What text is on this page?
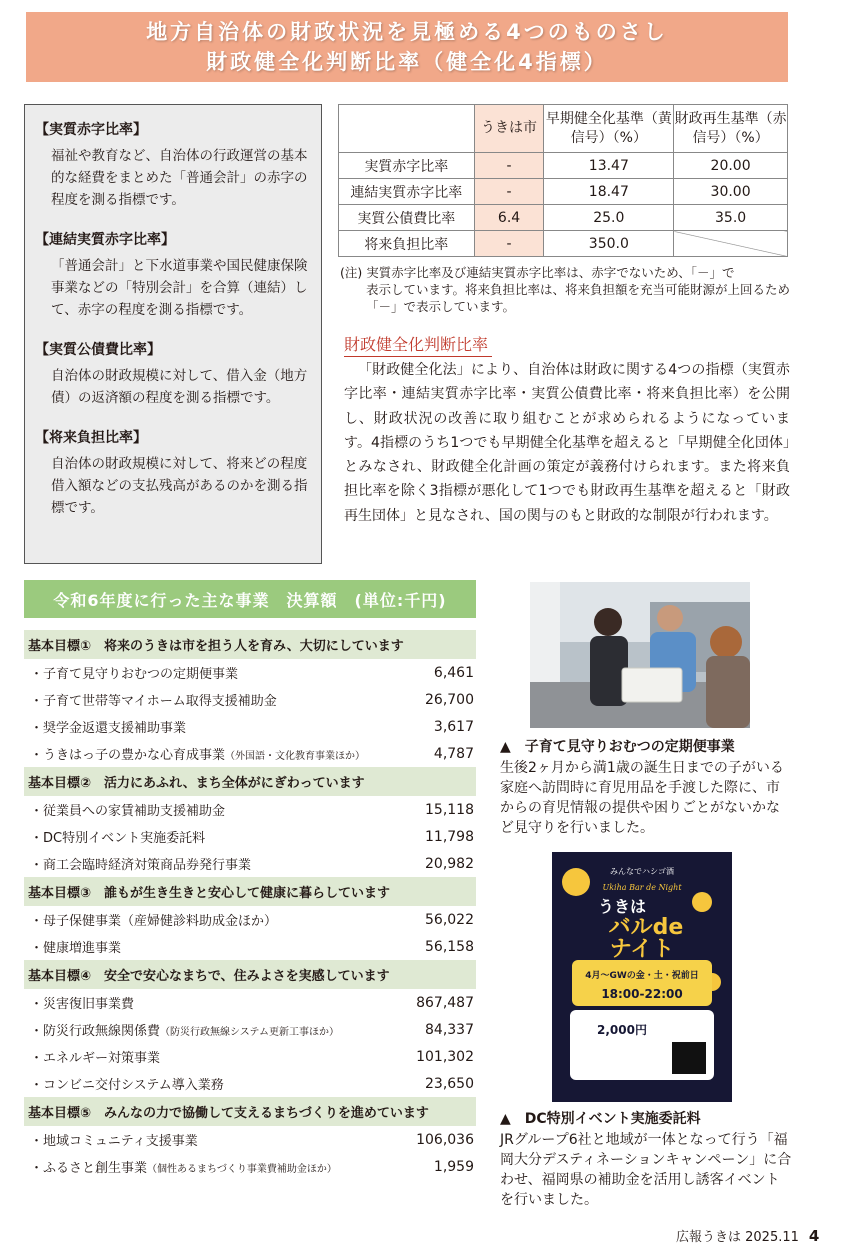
地方自治体の財政状況を見極める4つのものさし
財政健全化判断比率（健全化4指標）
【実質赤字比率】
福祉や教育など、自治体の行政運営の基本的な経費をまとめた「普通会計」の赤字の程度を測る指標です。
【連結実質赤字比率】
「普通会計」と下水道事業や国民健康保険事業などの「特別会計」を合算（連結）して、赤字の程度を測る指標です。
【実質公債費比率】
自治体の財政規模に対して、借入金（地方債）の返済額の程度を測る指標です。
【将来負担比率】
自治体の財政規模に対して、将来どの程度借入額などの支払残高があるのかを測る指標です。
	うきは市	早期健全化基準（黄信号）（%）	財政再生基準（赤信号）（%）
実質赤字比率	-	13.47	20.00
連結実質赤字比率	-	18.47	30.00
実質公債費比率	6.4	25.0	35.0
将来負担比率	-	350.0	
(注) 実質赤字比率及び連結実質赤字比率は、赤字でないため、「－」で
表示しています。将来負担比率は、将来負担額を充当可能財源が上回るため「－」で表示しています。
財政健全化判断比率
「財政健全化法」により、自治体は財政に関する4つの指標（実質赤字比率・連結実質赤字比率・実質公債費比率・将来負担比率）を公開し、財政状況の改善に取り組むことが求められるようになっています。4指標のうち1つでも早期健全化基準を超えると「早期健全化団体」とみなされ、財政健全化計画の策定が義務付けられます。また将来負担比率を除く3指標が悪化して1つでも財政再生基準を超えると「財政再生団体」と見なされ、国の関与のもと財政的な制限が行われます。
令和6年度に行った主な事業　決算額　(単位:千円)
基本目標①　将来のうきは市を担う人を育み、大切にしています
・子育て見守りおむつの定期便事業	6,461
・子育て世帯等マイホーム取得支援補助金	26,700
・奨学金返還支援補助事業	3,617
・うきはっ子の豊かな心育成事業（外国語・文化教育事業ほか）	4,787
基本目標②　活力にあふれ、まち全体がにぎわっています
・従業員への家賃補助支援補助金	15,118
・DC特別イベント実施委託料	11,798
・商工会臨時経済対策商品券発行事業	20,982
基本目標③　誰もが生き生きと安心して健康に暮らしています
・母子保健事業（産婦健診料助成金ほか）	56,022
・健康増進事業	56,158
基本目標④　安全で安心なまちで、住みよさを実感しています
・災害復旧事業費	867,487
・防災行政無線関係費（防災行政無線システム更新工事ほか）	84,337
・エネルギー対策事業	101,302
・コンビニ交付システム導入業務	23,650
基本目標⑤　みんなの力で協働して支えるまちづくりを進めています
・地域コミュニティ支援事業	106,036
・ふるさと創生事業（個性あるまちづくり事業費補助金ほか）	1,959
▲　子育て見守りおむつの定期便事業
生後2ヶ月から満1歳の誕生日までの子がいる家庭へ訪問時に育児用品を手渡した際に、市からの育児情報の提供や困りごとがないかなど見守りを行いました。
みんなでハシゴ酒
Ukiha Bar de Night
うきは
バルde
ナイト
4月～GWの金・土・祝前日
18:00-22:00
2,000円
▲　DC特別イベント実施委託料
JRグループ6社と地域が一体となって行う「福岡大分デスティネーションキャンペーン」に合わせ、福岡県の補助金を活用し誘客イベントを行いました。
広報うきは 2025.11 4
